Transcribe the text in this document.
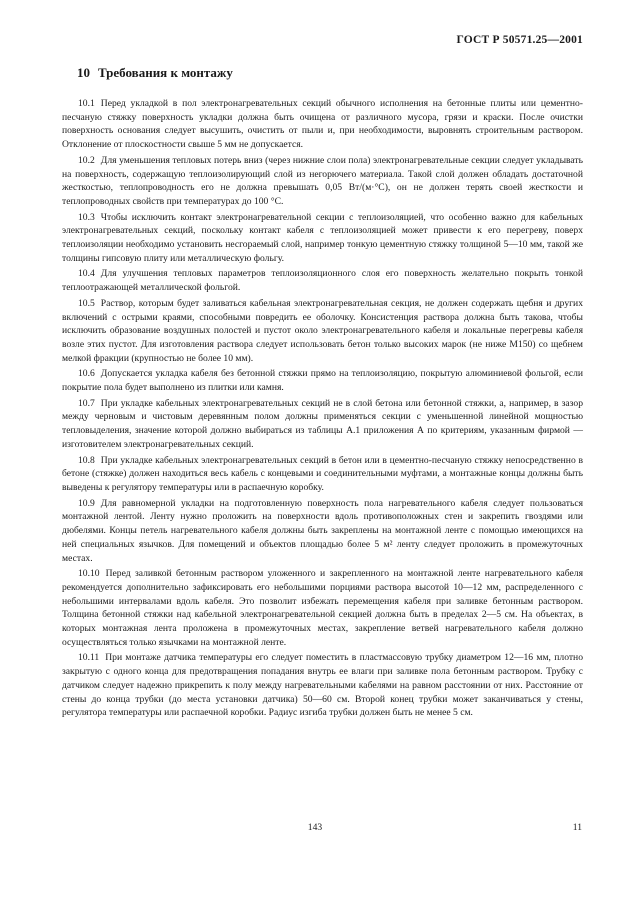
ГОСТ Р 50571.25—2001
10 Требования к монтажу

10.1 Перед укладкой в пол электронагревательных секций обычного исполнения на бетонные плиты или цементно-песчаную стяжку поверхность укладки должна быть очищена от различного мусора, грязи и краски. После очистки поверхность основания следует высушить, очистить от пыли и, при необходимости, выровнять строительным раствором. Отклонение от плоскостности свыше 5 мм не допускается.

10.2 Для уменьшения тепловых потерь вниз (через нижние слои пола) электронагревательные секции следует укладывать на поверхность, содержащую теплоизолирующий слой из негорючего материала. Такой слой должен обладать достаточной жесткостью, теплопроводность его не должна превышать 0,05 Вт/(м·°С), он не должен терять своей жесткости и теплопроводных свойств при температурах до 100 °С.

10.3 Чтобы исключить контакт электронагревательной секции с теплоизоляцией, что особенно важно для кабельных электронагревательных секций, поскольку контакт кабеля с теплоизоляцией может привести к его перегреву, поверх теплоизоляции необходимо установить несгораемый слой, например тонкую цементную стяжку толщиной 5—10 мм, такой же толщины гипсовую плиту или металлическую фольгу.

10.4 Для улучшения тепловых параметров теплоизоляционного слоя его поверхность желательно покрыть тонкой теплоотражающей металлической фольгой.

10.5 Раствор, которым будет заливаться кабельная электронагревательная секция, не должен содержать щебня и других включений с острыми краями, способными повредить ее оболочку. Консистенция раствора должна быть такова, чтобы исключить образование воздушных полостей и пустот около электронагревательного кабеля и локальные перегревы кабеля возле этих пустот. Для изготовления раствора следует использовать бетон только высоких марок (не ниже М150) со щебнем мелкой фракции (крупностью не более 10 мм).

10.6 Допускается укладка кабеля без бетонной стяжки прямо на теплоизоляцию, покрытую алюминиевой фольгой, если покрытие пола будет выполнено из плитки или камня.

10.7 При укладке кабельных электронагревательных секций не в слой бетона или бетонной стяжки, а, например, в зазор между черновым и чистовым деревянным полом должны применяться секции с уменьшенной линейной мощностью тепловыделения, значение которой должно выбираться из таблицы А.1 приложения А по критериям, указанным фирмой — изготовителем электронагревательных секций.

10.8 При укладке кабельных электронагревательных секций в бетон или в цементно-песчаную стяжку непосредственно в бетоне (стяжке) должен находиться весь кабель с концевыми и соединительными муфтами, а монтажные концы должны быть выведены к регулятору температуры или в распаечную коробку.

10.9 Для равномерной укладки на подготовленную поверхность пола нагревательного кабеля следует пользоваться монтажной лентой. Ленту нужно проложить на поверхности вдоль противоположных стен и закрепить гвоздями или дюбелями. Концы петель нагревательного кабеля должны быть закреплены на монтажной ленте с помощью имеющихся на ней специальных язычков. Для помещений и объектов площадью более 5 м² ленту следует проложить в промежуточных местах.

10.10 Перед заливкой бетонным раствором уложенного и закрепленного на монтажной ленте нагревательного кабеля рекомендуется дополнительно зафиксировать его небольшими порциями раствора высотой 10—12 мм, распределенного с небольшими интервалами вдоль кабеля. Это позволит избежать перемещения кабеля при заливке бетонным раствором. Толщина бетонной стяжки над кабельной электронагревательной секцией должна быть в пределах 2—5 см. На объектах, в которых монтажная лента проложена в промежуточных местах, закрепление ветвей нагревательного кабеля должно осуществляться только язычками на монтажной ленте.

10.11 При монтаже датчика температуры его следует поместить в пластмассовую трубку диаметром 12—16 мм, плотно закрытую с одного конца для предотвращения попадания внутрь ее влаги при заливке пола бетонным раствором. Трубку с датчиком следует надежно прикрепить к полу между нагревательными кабелями на равном расстоянии от них. Расстояние от стены до конца трубки (до места установки датчика) 50—60 см. Второй конец трубки может заканчиваться у стены, регулятора температуры или распаечной коробки. Радиус изгиба трубки должен быть не менее 5 см.

143	11
